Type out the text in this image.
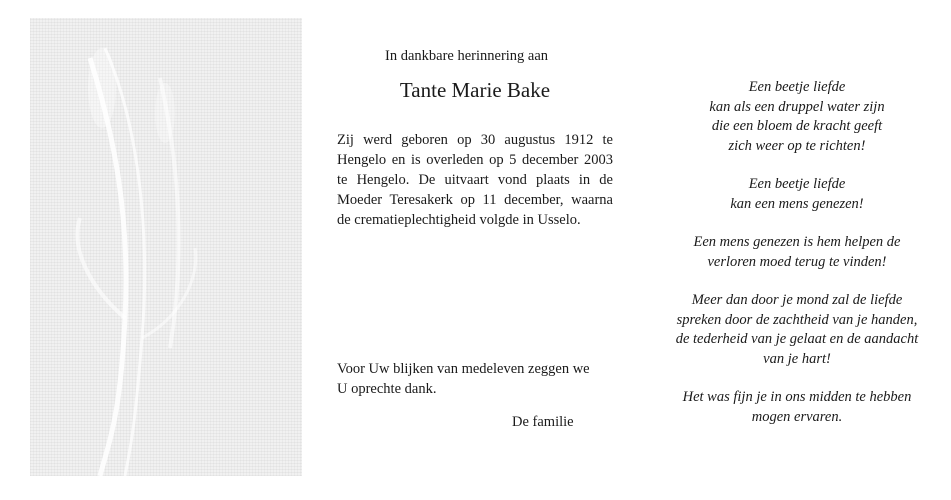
In dankbare herinnering aan
Tante Marie Bake
Zij werd geboren op 30 augustus 1912 te
Hengelo en is overleden op 5 december 2003
te Hengelo. De uitvaart vond plaats in de
Moeder Teresakerk op 11 december, waarna
de crematieplechtigheid volgde in Usselo.
Voor Uw blijken van medeleven zeggen we
U oprechte dank.
De familie
Een beetje liefde
kan als een druppel water zijn
die een bloem de kracht geeft
zich weer op te richten!
Een beetje liefde
kan een mens genezen!
Een mens genezen is hem helpen de
verloren moed terug te vinden!
Meer dan door je mond zal de liefde
spreken door de zachtheid van je handen,
de tederheid van je gelaat en de aandacht
van je hart!
Het was fijn je in ons midden te hebben
mogen ervaren.
